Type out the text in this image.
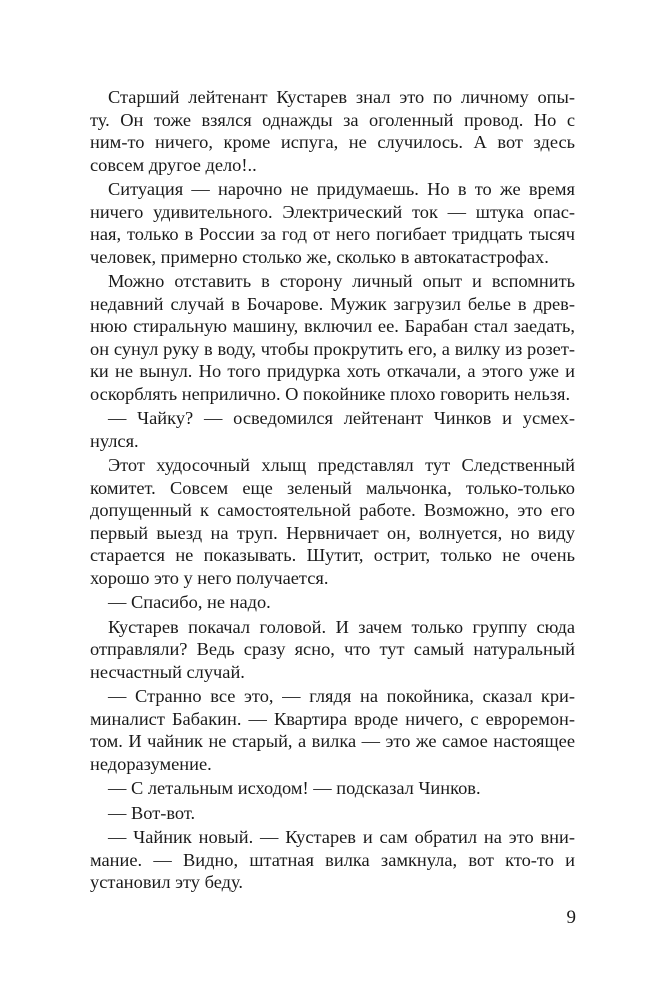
Старший лейтенант Кустарев знал это по личному опы-
ту. Он тоже взялся однажды за оголенный провод. Но с
ним-то ничего, кроме испуга, не случилось. А вот здесь
совсем другое дело!..
Ситуация — нарочно не придумаешь. Но в то же время
ничего удивительного. Электрический ток — штука опас-
ная, только в России за год от него погибает тридцать тысяч
человек, примерно столько же, сколько в автокатастрофах.
Можно отставить в сторону личный опыт и вспомнить
недавний случай в Бочарове. Мужик загрузил белье в древ-
нюю стиральную машину, включил ее. Барабан стал заедать,
он сунул руку в воду, чтобы прокрутить его, а вилку из розет-
ки не вынул. Но того придурка хоть откачали, а этого уже и
оскорблять неприлично. О покойнике плохо говорить нельзя.
— Чайку? — осведомился лейтенант Чинков и усмех-
нулся.
Этот худосочный хлыщ представлял тут Следственный
комитет. Совсем еще зеленый мальчонка, только-только
допущенный к самостоятельной работе. Возможно, это его
первый выезд на труп. Нервничает он, волнуется, но виду
старается не показывать. Шутит, острит, только не очень
хорошо это у него получается.
— Спасибо, не надо.
Кустарев покачал головой. И зачем только группу сюда
отправляли? Ведь сразу ясно, что тут самый натуральный
несчастный случай.
— Странно все это, — глядя на покойника, сказал кри-
миналист Бабакин. — Квартира вроде ничего, с евроремон-
том. И чайник не старый, а вилка — это же самое настоящее
недоразумение.
— С летальным исходом! — подсказал Чинков.
— Вот-вот.
— Чайник новый. — Кустарев и сам обратил на это вни-
мание. — Видно, штатная вилка замкнула, вот кто-то и
установил эту беду.
9
